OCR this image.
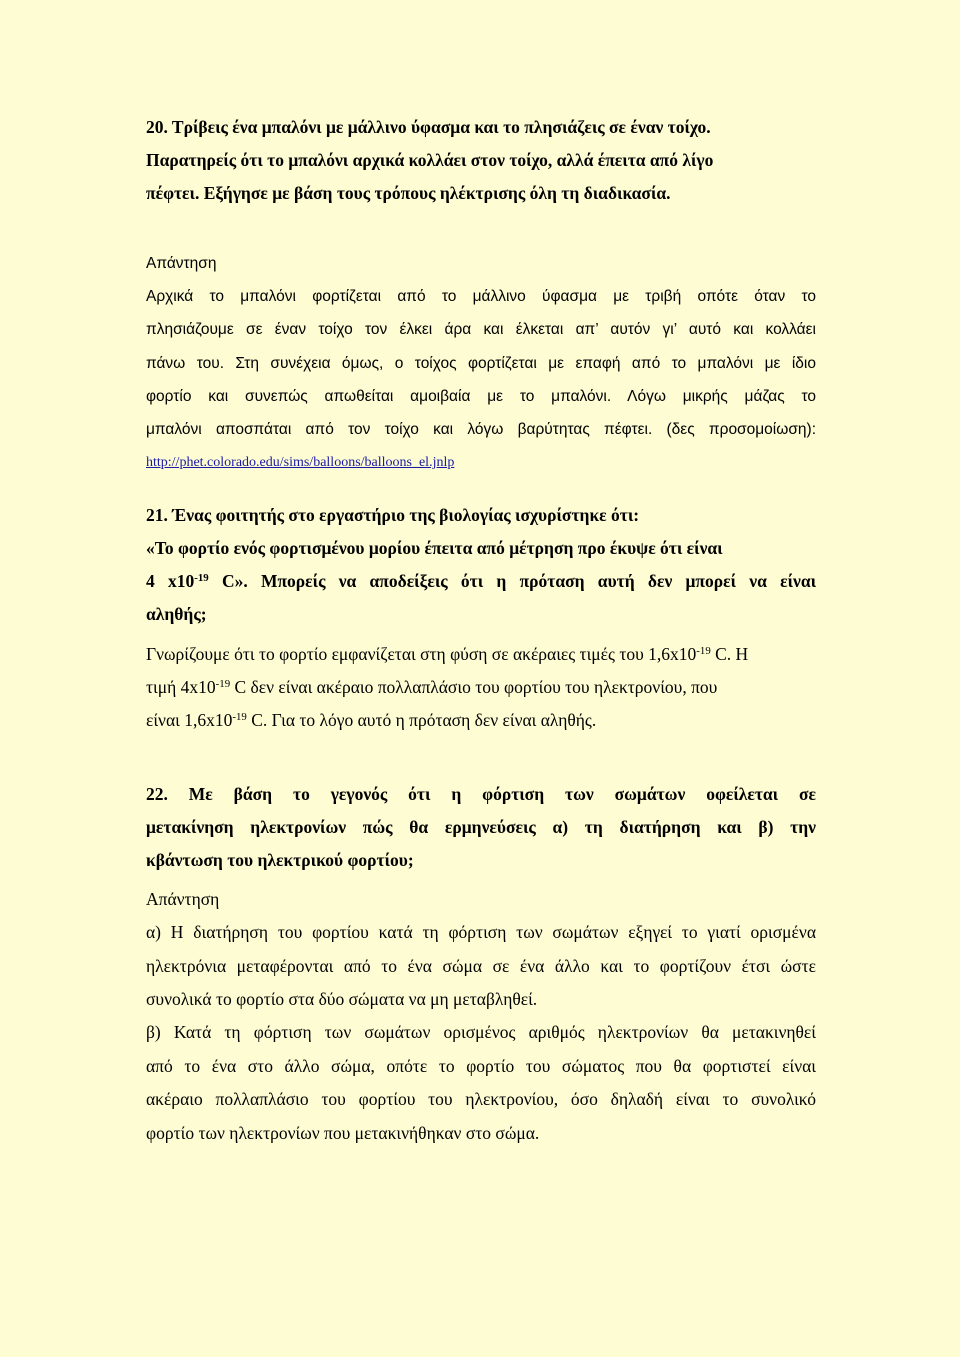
20. Τρίβεις ένα μπαλόνι με μάλλινο ύφασμα και το πλησιάζεις σε έναν τοίχο.
Παρατηρείς ότι το μπαλόνι αρχικά κολλάει στον τοίχο, αλλά έπειτα από λίγο
πέφτει. Εξήγησε με βάση τους τρόπους ηλέκτρισης όλη τη διαδικασία.
Απάντηση
Αρχικά το μπαλόνι φορτίζεται από το μάλλινο ύφασμα με τριβή οπότε όταν το
πλησιάζουμε σε έναν τοίχο τον έλκει άρα και έλκεται απ’ αυτόν γι’ αυτό και κολλάει
πάνω του. Στη συνέχεια όμως, ο τοίχος φορτίζεται με επαφή από το μπαλόνι με ίδιο
φορτίο και συνεπώς απωθείται αμοιβαία με το μπαλόνι. Λόγω μικρής μάζας το
μπαλόνι αποσπάται από τον τοίχο και λόγω βαρύτητας πέφτει. (δες προσομοίωση):
http://phet.colorado.edu/sims/balloons/balloons_el.jnlp
21. Ένας φοιτητής στο εργαστήριο της βιολογίας ισχυρίστηκε ότι:
«Το φορτίο ενός φορτισμένου μορίου έπειτα από μέτρηση προ έκυψε ότι είναι
4 $x10^{-19}$ C». Μπορείς να αποδείξεις ότι η πρόταση αυτή δεν μπορεί να είναι
αληθής;
Γνωρίζουμε ότι το φορτίο εμφανίζεται στη φύση σε ακέραιες τιμές του $1,6x10^{-19}$ C. Η
τιμή $4x10^{-19}$ C δεν είναι ακέραιο πολλαπλάσιο του φορτίου του ηλεκτρονίου, που
είναι $1,6x10^{-19}$ C. Για το λόγο αυτό η πρόταση δεν είναι αληθής.
22. Με βάση το γεγονός ότι η φόρτιση των σωμάτων οφείλεται σε
μετακίνηση ηλεκτρονίων πώς θα ερμηνεύσεις α) τη διατήρηση και β) την
κβάντωση του ηλεκτρικού φορτίου;
Απάντηση
α) Η διατήρηση του φορτίου κατά τη φόρτιση των σωμάτων εξηγεί το γιατί ορισμένα
ηλεκτρόνια μεταφέρονται από το ένα σώμα σε ένα άλλο και το φορτίζουν έτσι ώστε
συνολικά το φορτίο στα δύο σώματα να μη μεταβληθεί.
β) Κατά τη φόρτιση των σωμάτων ορισμένος αριθμός ηλεκτρονίων θα μετακινηθεί
από το ένα στο άλλο σώμα, οπότε το φορτίο του σώματος που θα φορτιστεί είναι
ακέραιο πολλαπλάσιο του φορτίου του ηλεκτρονίου, όσο δηλαδή είναι το συνολικό
φορτίο των ηλεκτρονίων που μετακινήθηκαν στο σώμα.
